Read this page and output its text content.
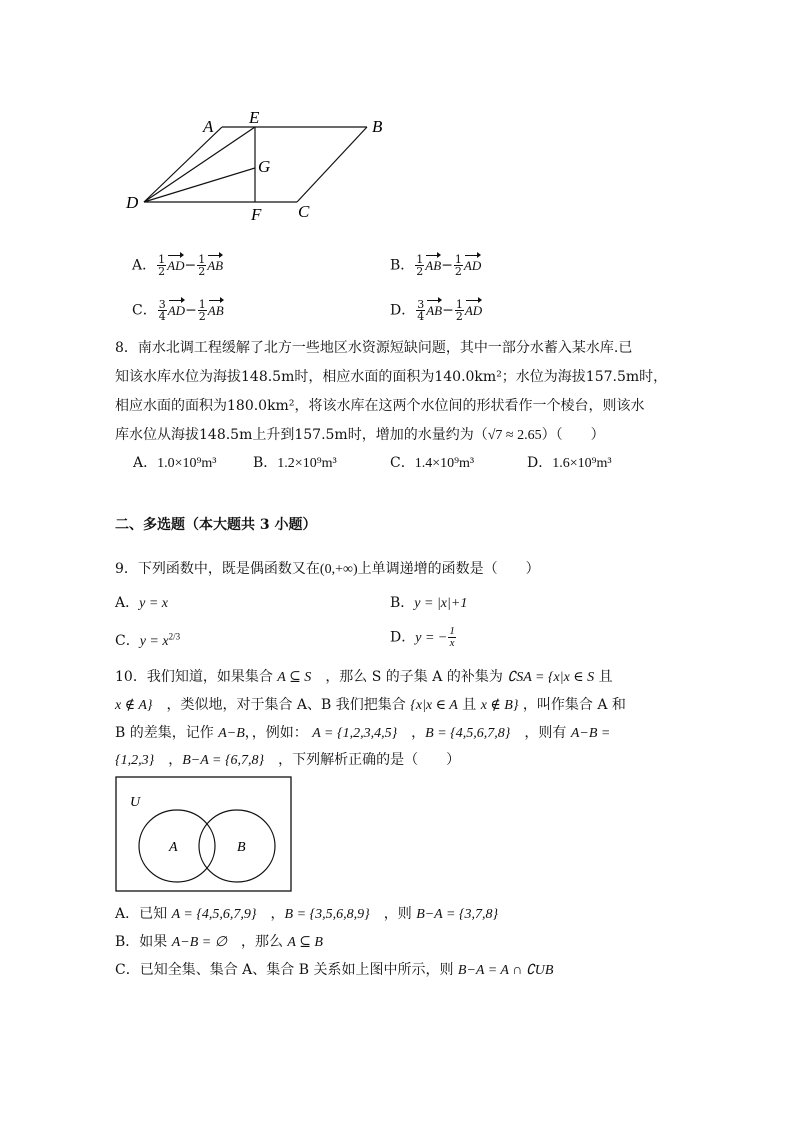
A E	B
G
D
F C
A． $\frac{1}{2} AD- \frac{1}{2}$ AB	B． $\frac{1}{2} AB- \frac{1}{2}$ AD
C． $\frac{3}{4} AD- \frac{1}{2}$ AB	D． $\frac{3}{4} AB- \frac{1}{2}$ AD
8．南水北调工程缓解了北方一些地区水资源短缺问题，其中一部分水蓄入某水库.已
知该水库水位为海拔148.5m时，相应水面的面积为140.0km²；水位为海拔157.5m时，
相应水面的面积为180.0km²，将该水库在这两个水位间的形状看作一个棱台，则该水
库水位从海拔148.5m上升到157.5m时，增加的水量约为（√7 ≈ 2.65）（　　）
A．1.0×10⁹m³	B．1.2×10⁹m³	C．1.4×10⁹m³	D．1.6×10⁹m³
二、多选题（本大题共 3 小题）
9．下列函数中，既是偶函数又在(0,+∞)上单调递增的函数是（　　）
A．y = x	B．y = |x|+1
C．$y = x^{2/3}$	D．y = − $\frac{1}{x}$
10．我们知道，如果集合 A ⊆ S　 ，那么 S 的子集 A 的补集为 ∁SA = {x|x ∈ S 且
x ∉ A}　 ，类似地，对于集合 A、B 我们把集合 {x|x ∈ A 且 x ∉ B} ，叫作集合 A 和
B 的差集，记作 A−B，，例如： A = {1,2,3,4,5}　 ，B = {4,5,6,7,8}　 ，则有 A−B =
{1,2,3}　 ，B−A = {6,7,8}　 ，下列解析正确的是（　　）
U
A	B
A．已知 A = {4,5,6,7,9}　 ，B = {3,5,6,8,9}　 ，则 B−A = {3,7,8}
B．如果 A−B = ∅　 ，那么 A ⊆ B
C．已知全集、集合 A、集合 B 关系如上图中所示，则 B−A = A ∩ ∁UB
